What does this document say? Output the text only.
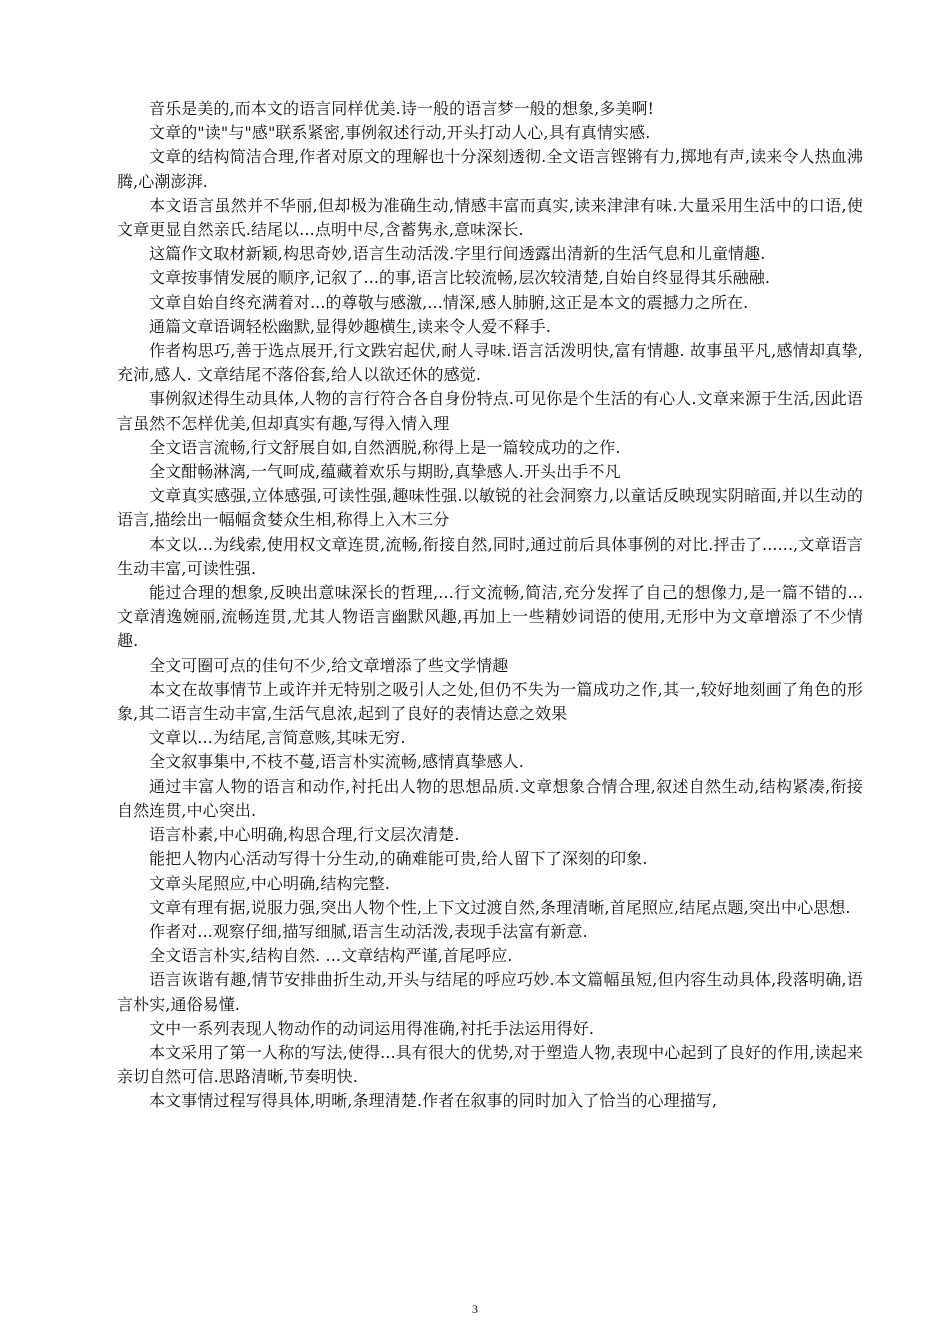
音乐是美的,而本文的语言同样优美.诗一般的语言梦一般的想象,多美啊!

文章的"读"与"感"联系紧密,事例叙述行动,开头打动人心,具有真情实感.

文章的结构简洁合理,作者对原文的理解也十分深刻透彻.全文语言铿锵有力,掷地有声,读来令人热血沸腾,心潮澎湃.

本文语言虽然并不华丽,但却极为准确生动,情感丰富而真实,读来津津有味.大量采用生活中的口语,使文章更显自然亲氏.结尾以...点明中尽,含蓄隽永,意味深长.

这篇作文取材新颖,构思奇妙,语言生动活泼.字里行间透露出清新的生活气息和儿童情趣.

文章按事情发展的顺序,记叙了...的事,语言比较流畅,层次较清楚,自始自终显得其乐融融.

文章自始自终充满着对...的尊敬与感激,...情深,感人肺腑,这正是本文的震撼力之所在.

通篇文章语调轻松幽默,显得妙趣横生,读来令人爱不释手.

作者构思巧,善于选点展开,行文跌宕起伏,耐人寻味.语言活泼明快,富有情趣. 故事虽平凡,感情却真挚,充沛,感人. 文章结尾不落俗套,给人以欲还休的感觉.

事例叙述得生动具体,人物的言行符合各自身份特点.可见你是个生活的有心人.文章来源于生活,因此语言虽然不怎样优美,但却真实有趣,写得入情入理

全文语言流畅,行文舒展自如,自然洒脱,称得上是一篇较成功的之作.

全文酣畅淋漓,一气呵成,蕴藏着欢乐与期盼,真挚感人.开头出手不凡

文章真实感强,立体感强,可读性强,趣味性强.以敏锐的社会洞察力,以童话反映现实阴暗面,并以生动的语言,描绘出一幅幅贪婪众生相,称得上入木三分

本文以...为线索,使用权文章连贯,流畅,衔接自然,同时,通过前后具体事例的对比.抨击了......,文章语言生动丰富,可读性强.

能过合理的想象,反映出意味深长的哲理,...行文流畅,简洁,充分发挥了自己的想像力,是一篇不错的...文章清逸婉丽,流畅连贯,尤其人物语言幽默风趣,再加上一些精妙词语的使用,无形中为文章增添了不少情趣.

全文可圈可点的佳句不少,给文章增添了些文学情趣

本文在故事情节上或许并无特别之吸引人之处,但仍不失为一篇成功之作,其一,较好地刻画了角色的形象,其二语言生动丰富,生活气息浓,起到了良好的表情达意之效果

文章以...为结尾,言简意赅,其味无穷.

全文叙事集中,不枝不蔓,语言朴实流畅,感情真挚感人.

通过丰富人物的语言和动作,衬托出人物的思想品质.文章想象合情合理,叙述自然生动,结构紧凑,衔接自然连贯,中心突出.

语言朴素,中心明确,构思合理,行文层次清楚.

能把人物内心活动写得十分生动,的确难能可贵,给人留下了深刻的印象.

文章头尾照应,中心明确,结构完整.

文章有理有据,说服力强,突出人物个性,上下文过渡自然,条理清晰,首尾照应,结尾点题,突出中心思想.

作者对...观察仔细,描写细腻,语言生动活泼,表现手法富有新意.

全文语言朴实,结构自然. ...文章结构严谨,首尾呼应.

语言诙谐有趣,情节安排曲折生动,开头与结尾的呼应巧妙.本文篇幅虽短,但内容生动具体,段落明确,语言朴实,通俗易懂.

文中一系列表现人物动作的动词运用得准确,衬托手法运用得好.

本文采用了第一人称的写法,使得...具有很大的优势,对于塑造人物,表现中心起到了良好的作用,读起来亲切自然可信.思路清晰,节奏明快.

本文事情过程写得具体,明晰,条理清楚.作者在叙事的同时加入了恰当的心理描写,

3
